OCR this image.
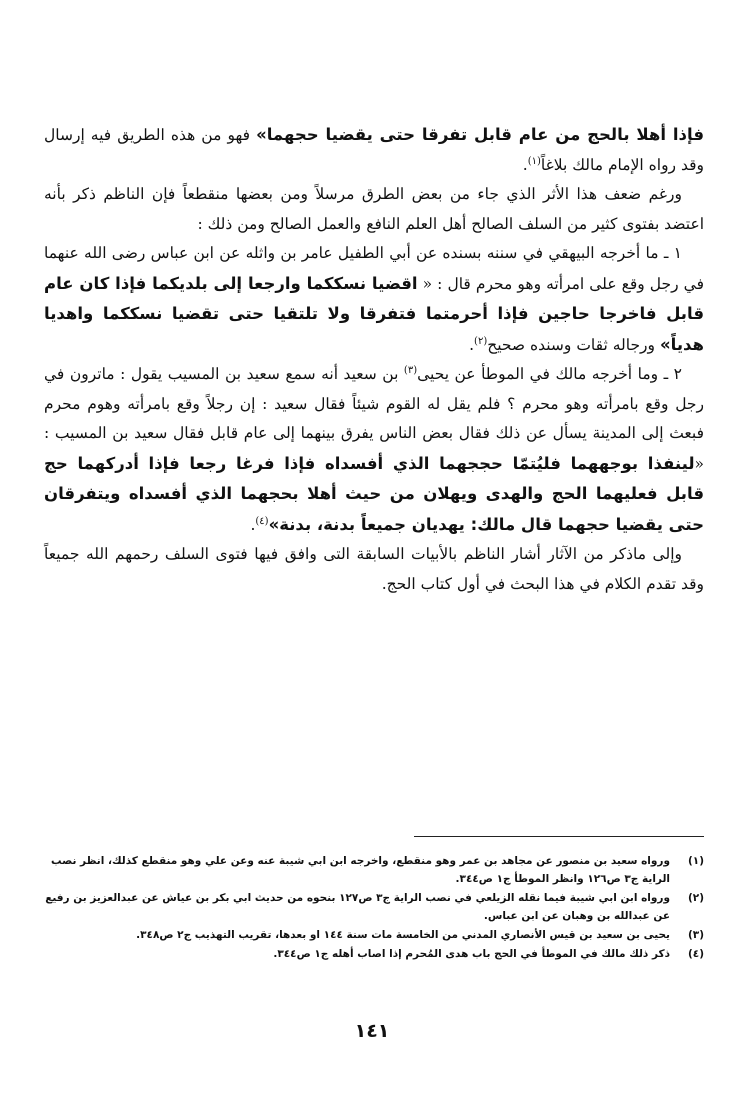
فإذا أهلا بالحج من عام قابل تفرقا حتى يقضيا حجهما» فهو من هذه الطريق فيه إرسال وقد رواه الإمام مالك بلاغاً$^{(١)}$.

ورغم ضعف هذا الأثر الذي جاء من بعض الطرق مرسلاً ومن بعضها منقطعاً فإن الناظم ذكر بأنه اعتضد بفتوى كثير من السلف الصالح أهل العلم النافع والعمل الصالح ومن ذلك :

١ ـ ما أخرجه البيهقي في سننه بسنده عن أبي الطفيل عامر بن واثله عن ابن عباس رضى الله عنهما في رجل وقع على امرأته وهو محرم قال : « اقضيا نسككما وارجعا إلى بلديكما فإذا كان عام قابل فاخرجا حاجين فإذا أحرمتما فتفرقا ولا تلتقيا حتى تقضيا نسككما واهديا هدياً» ورجاله ثقات وسنده صحيح$^{(٢)}$.

٢ ـ وما أخرجه مالك في الموطأ عن يحيى$^{(٣)}$ بن سعيد أنه سمع سعيد بن المسيب يقول : ماترون في رجل وقع بامرأته وهو محرم ؟ فلم يقل له القوم شيئاً فقال سعيد : إن رجلاً وقع بامرأته وهوم محرم فبعث إلى المدينة يسأل عن ذلك فقال بعض الناس يفرق بينهما إلى عام قابل فقال سعيد بن المسيب : «لينفذا بوجههما فليُتمّا حججهما الذي أفسداه فإذا فرغا رجعا فإذا أدركهما حج قابل فعليهما الحج والهدى ويهلان من حيث أهلا بحجهما الذي أفسداه ويتفرقان حتى يقضيا حجهما قال مالك: يهديان جميعاً بدنة، بدنة»$^{(٤)}$.

وإلى ماذكر من الآثار أشار الناظم بالأبيات السابقة التى وافق فيها فتوى السلف رحمهم الله جميعاً وقد تقدم الكلام في هذا البحث في أول كتاب الحج.

(١)
ورواه سعيد بن منصور عن مجاهد بن عمر وهو منقطع، واخرجه ابن ابي شيبة عنه وعن علي وهو منقطع كذلك، انظر نصب الراية ج٣ ص١٢٦ وانظر الموطأ ج١ ص٣٤٤.
(٢)
ورواه ابن ابي شيبة فيما نقله الزيلعي في نصب الراية ج٣ ص١٢٧ بنحوه من حديث ابي بكر بن عياش عن عبدالعزيز بن رفيع عن عبدالله بن وهبان عن ابن عباس.
(٣)
يحيى بن سعيد بن قيس الأنصاري المدني من الخامسة مات سنة ١٤٤ او بعدها، تقريب التهذيب ج٢ ص٣٤٨.
(٤)
ذكر ذلك مالك في الموطأ في الحج باب هدى المُحرم إذا اصاب أهله ج١ ص٣٤٤.
١٤١
